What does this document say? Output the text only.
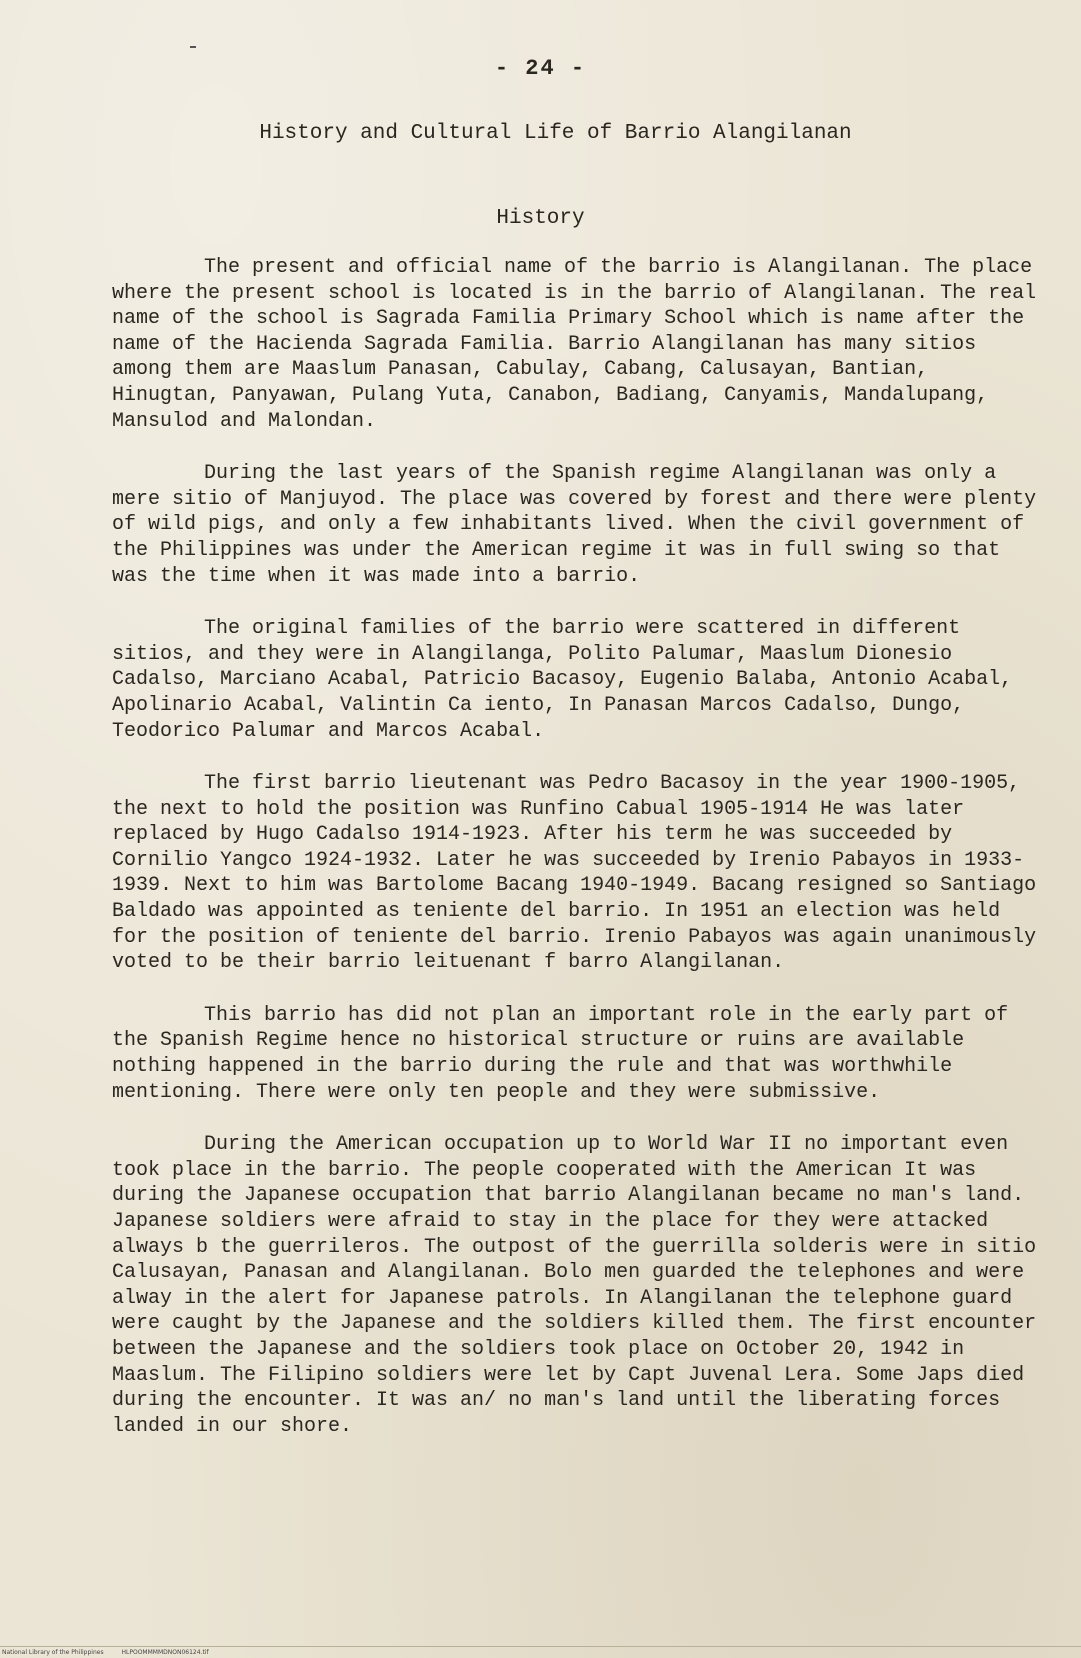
- 24 -
History and Cultural Life of Barrio Alangilanan
History

The present and official name of the barrio is Alangilanan. The place where the present school is located is in the barrio of Alangilanan. The real name of the school is Sagrada Familia Primary School which is name after the name of the Hacienda Sagrada Familia. Barrio Alangilanan has many sitios among them are Maaslum Panasan, Cabulay, Cabang, Calusayan, Bantian, Hinugtan, Panyawan, Pulang Yuta, Canabon, Badiang, Canyamis, Mandalupang, Mansulod and Malondan.

During the last years of the Spanish regime Alangilanan was only a mere sitio of Manjuyod. The place was covered by forest and there were plenty of wild pigs, and only a few inhabitants lived. When the civil government of the Philippines was under the American regime it was in full swing so that was the time when it was made into a barrio.

The original families of the barrio were scattered in different sitios, and they were in Alangilanga, Polito Palumar, Maaslum Dionesio Cadalso, Marciano Acabal, Patricio Bacasoy, Eugenio Balaba, Antonio Acabal, Apolinario Acabal, Valintin Ca iento, In Panasan Marcos Cadalso, Dungo, Teodorico Palumar and Marcos Acabal.

The first barrio lieutenant was Pedro Bacasoy in the year 1900-1905, the next to hold the position was Runfino Cabual 1905-1914 He was later replaced by Hugo Cadalso 1914-1923. After his term he was succeeded by Cornilio Yangco 1924-1932. Later he was succeeded by Irenio Pabayos in 1933-1939. Next to him was Bartolome Bacang 1940-1949. Bacang resigned so Santiago Baldado was appointed as teniente del barrio. In 1951 an election was held for the position of teniente del barrio. Irenio Pabayos was again unanimously voted to be their barrio leituenant f barro Alangilanan.

This barrio has did not plan an important role in the early part of the Spanish Regime hence no historical structure or ruins are available nothing happened in the barrio during the rule and that was worthwhile mentioning. There were only ten people and they were submissive.

During the American occupation up to World War II no important even took place in the barrio. The people cooperated with the American It was during the Japanese occupation that barrio Alangilanan became no man's land. Japanese soldiers were afraid to stay in the place for they were attacked always b the guerrileros. The outpost of the guerrilla solderis were in sitio Calusayan, Panasan and Alangilanan. Bolo men guarded the telephones and were alway in the alert for Japanese patrols. In Alangilanan the telephone guard were caught by the Japanese and the soldiers killed them. The first encounter between the Japanese and the soldiers took place on October 20, 1942 in Maaslum. The Filipino soldiers were let by Capt Juvenal Lera. Some Japs died during the encounter. It was an/ no man's land until the liberating forces landed in our shore.

National Library of the Philippines	HLPOOMMMMDNON06124.tif
